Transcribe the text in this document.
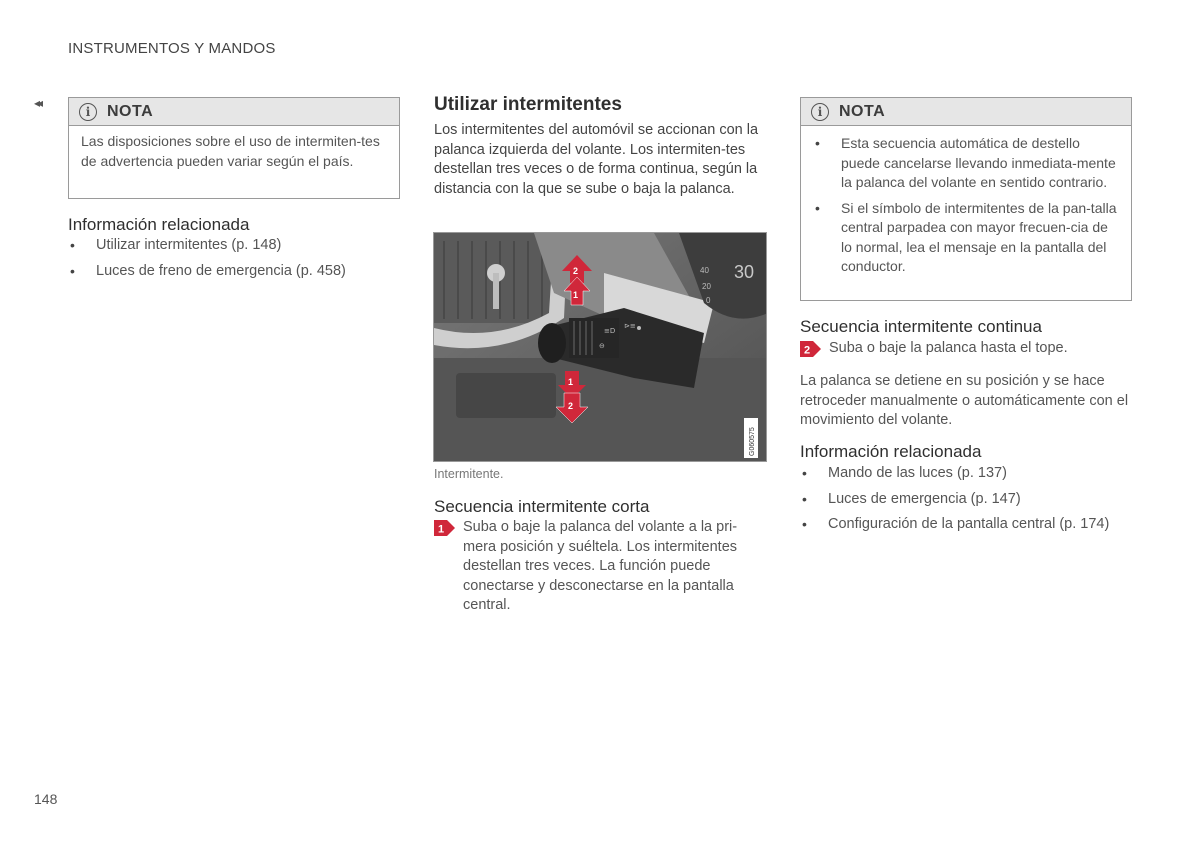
INSTRUMENTOS Y MANDOS
◂◂
i	NOTA
Las disposiciones sobre el uso de intermiten-tes de advertencia pueden variar según el país.
Información relacionada
• Utilizar intermitentes (p. 148)
• Luces de freno de emergencia (p. 458)
Utilizar intermitentes
Los intermitentes del automóvil se accionan con la palanca izquierda del volante. Los intermiten-tes destellan tres veces o de forma continua, según la distancia con la que se sube o baja la palanca.
30
40
20
0
≡D
⊖
⊳≡
2
1
1
2
G060575
Intermitente.
Secuencia intermitente corta
1 Suba o baje la palanca del volante a la pri-mera posición y suéltela. Los intermitentes destellan tres veces. La función puede conectarse y desconectarse en la pantalla central.
i	NOTA
• Esta secuencia automática de destello puede cancelarse llevando inmediata-mente la palanca del volante en sentido contrario.
• Si el símbolo de intermitentes de la pan-talla central parpadea con mayor frecuen-cia de lo normal, lea el mensaje en la pantalla del conductor.
Secuencia intermitente continua
2 Suba o baje la palanca hasta el tope.
La palanca se detiene en su posición y se hace retroceder manualmente o automáticamente con el movimiento del volante.
Información relacionada
• Mando de las luces (p. 137)
• Luces de emergencia (p. 147)
• Configuración de la pantalla central (p. 174)
148
